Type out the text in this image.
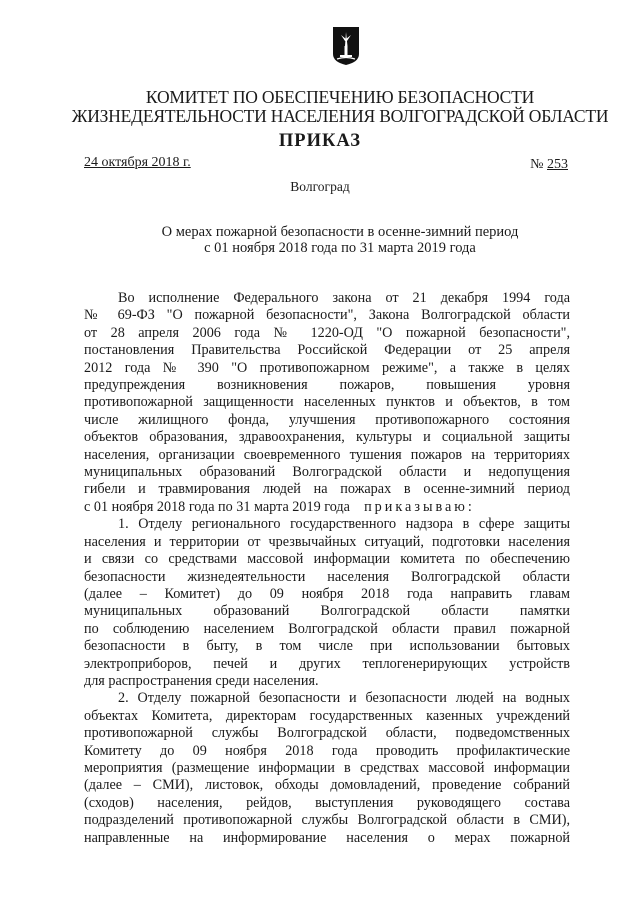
КОМИТЕТ ПО ОБЕСПЕЧЕНИЮ БЕЗОПАСНОСТИ
ЖИЗНЕДЕЯТЕЛЬНОСТИ НАСЕЛЕНИЯ ВОЛГОГРАДСКОЙ ОБЛАСТИ
ПРИКАЗ
24 октября 2018 г.	№ 253
Волгоград
О мерах пожарной безопасности в осенне-зимний период
с 01 ноября 2018 года по 31 марта 2019 года
Во исполнение Федерального закона от 21 декабря 1994 года
№ 69-ФЗ "О пожарной безопасности", Закона Волгоградской области
от 28 апреля 2006 года № 1220-ОД "О пожарной безопасности",
постановления Правительства Российской Федерации от 25 апреля
2012 года № 390 "О противопожарном режиме", а также в целях
предупреждения возникновения пожаров, повышения уровня
противопожарной защищенности населенных пунктов и объектов, в том
числе жилищного фонда, улучшения противопожарного состояния
объектов образования, здравоохранения, культуры и социальной защиты
населения, организации своевременного тушения пожаров на территориях
муниципальных образований Волгоградской области и недопущения
гибели и травмирования людей на пожарах в осенне-зимний период
с 01 ноября 2018 года по 31 марта 2019 года приказываю:
1. Отделу регионального государственного надзора в сфере защиты
населения и территории от чрезвычайных ситуаций, подготовки населения
и связи со средствами массовой информации комитета по обеспечению
безопасности жизнедеятельности населения Волгоградской области
(далее – Комитет) до 09 ноября 2018 года направить главам
муниципальных образований Волгоградской области памятки
по соблюдению населением Волгоградской области правил пожарной
безопасности в быту, в том числе при использовании бытовых
электроприборов, печей и других теплогенерирующих устройств
для распространения среди населения.
2. Отделу пожарной безопасности и безопасности людей на водных
объектах Комитета, директорам государственных казенных учреждений
противопожарной службы Волгоградской области, подведомственных
Комитету до 09 ноября 2018 года проводить профилактические
мероприятия (размещение информации в средствах массовой информации
(далее – СМИ), листовок, обходы домовладений, проведение собраний
(сходов) населения, рейдов, выступления руководящего состава
подразделений противопожарной службы Волгоградской области в СМИ),
направленные на информирование населения о мерах пожарной
